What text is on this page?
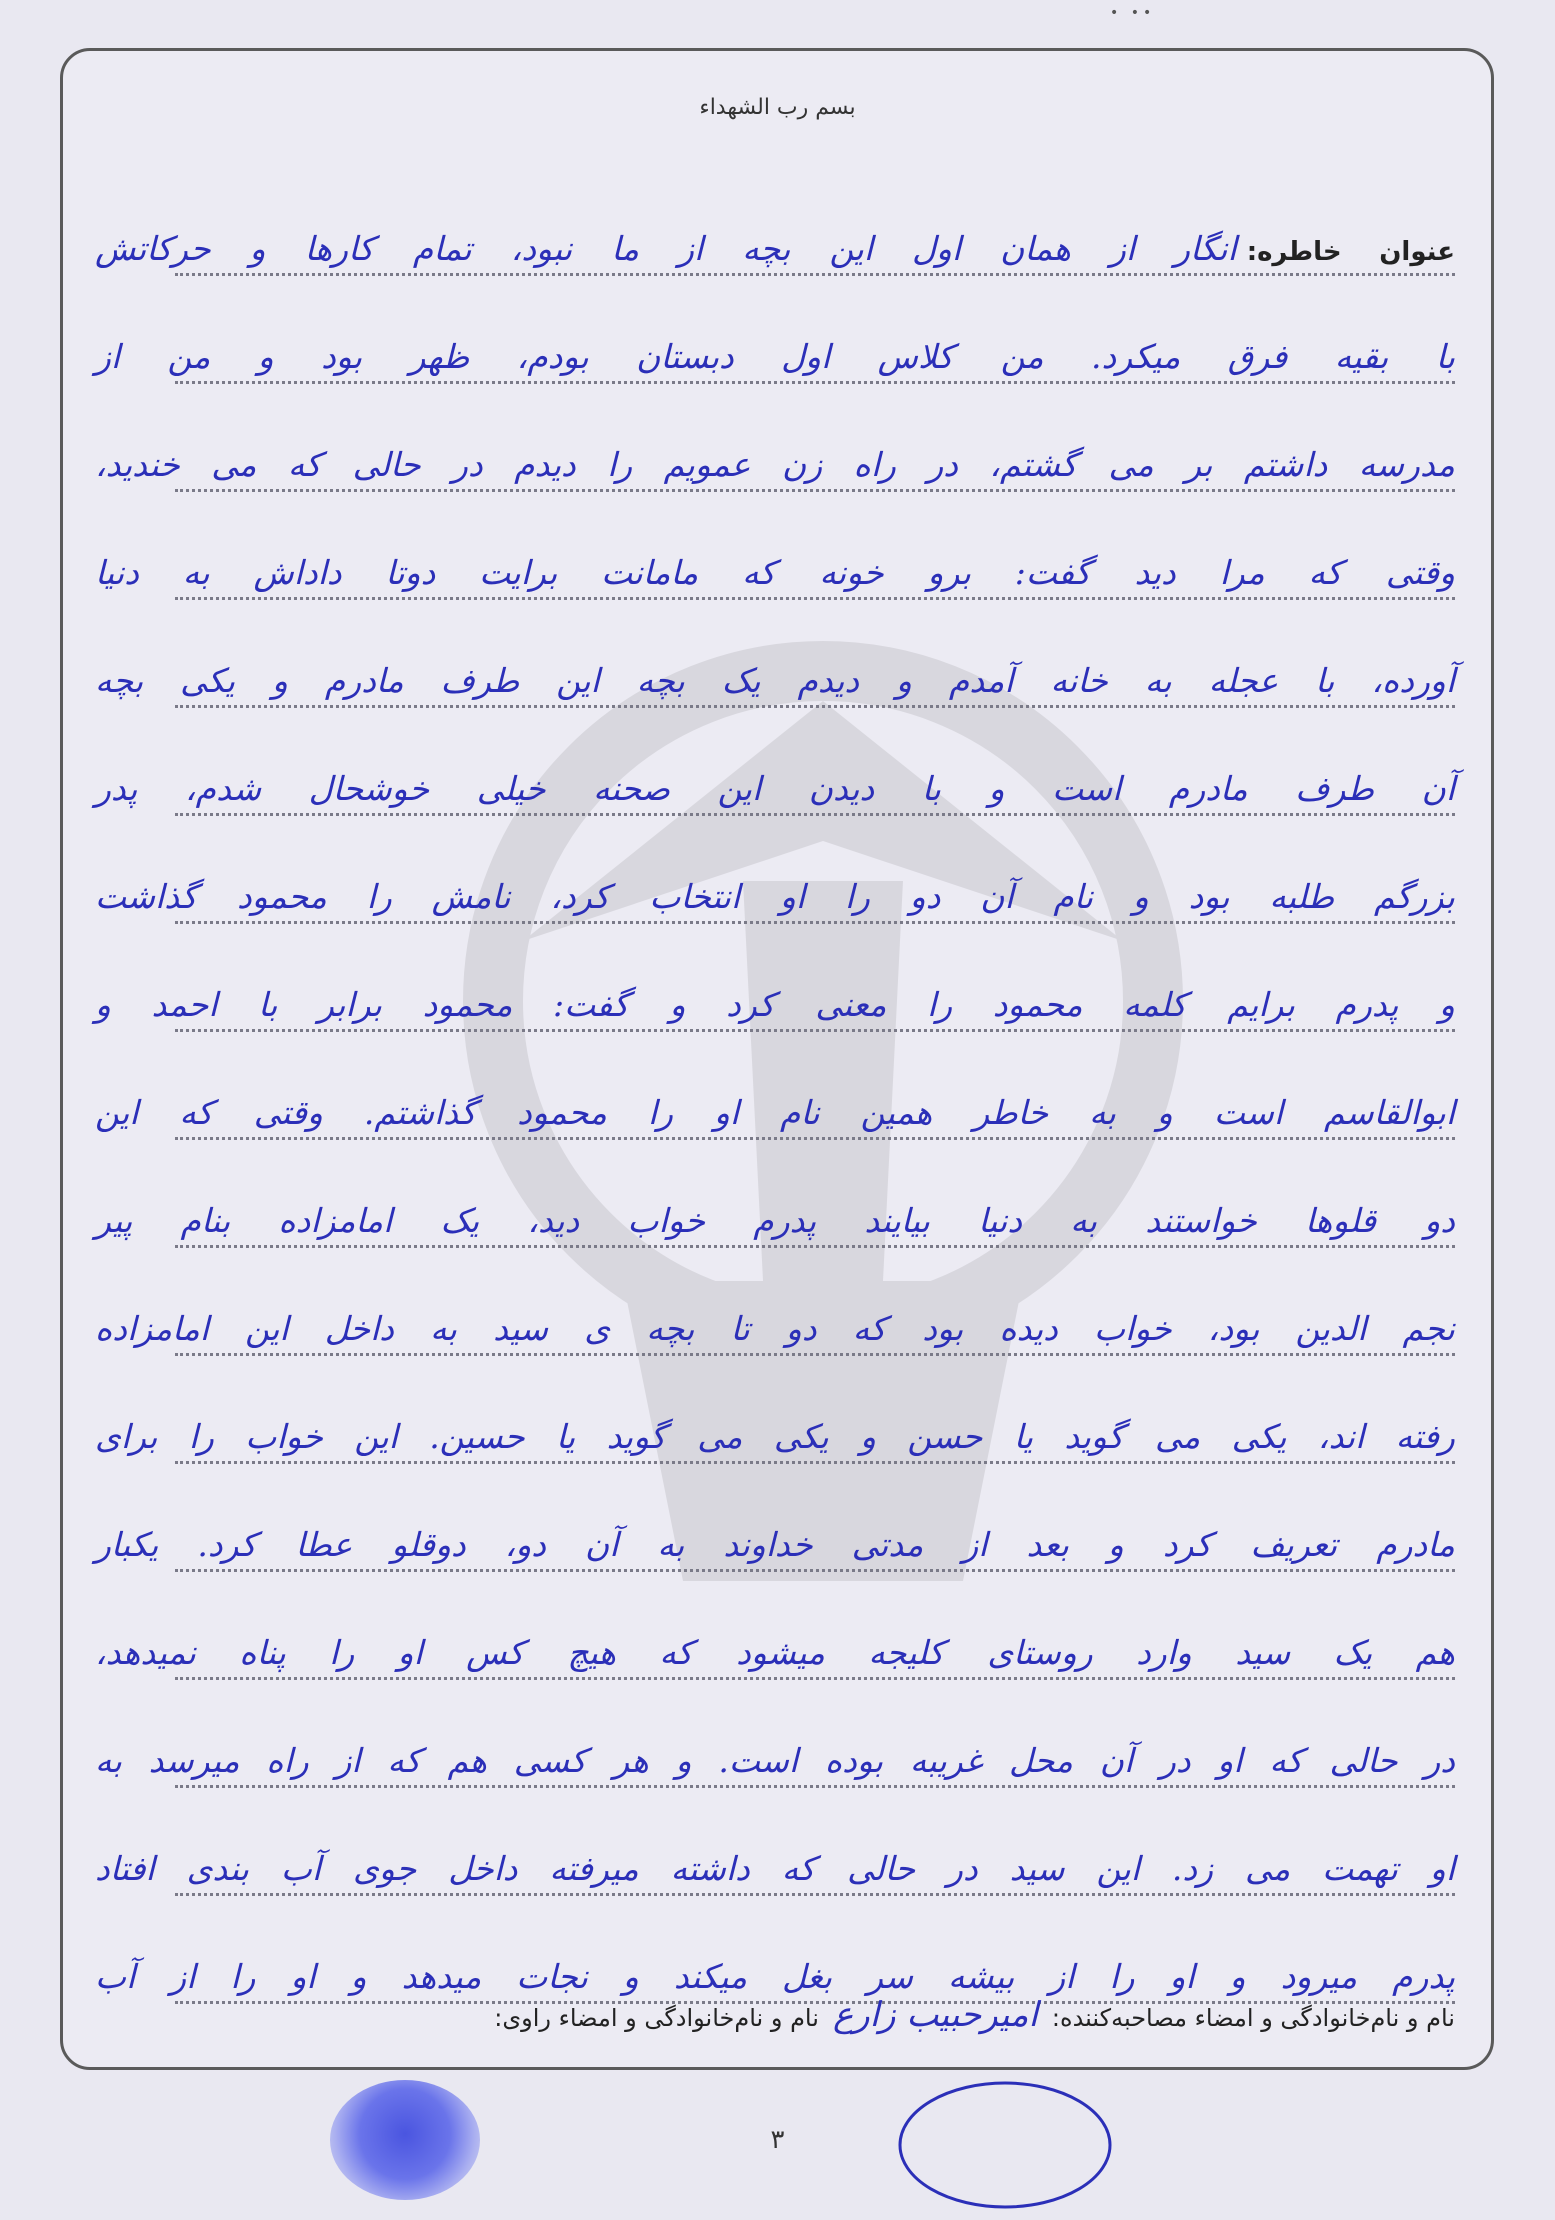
• ••
بسم رب الشهداء
عنوان خاطره:انگار از همان اول این بچه از ما نبود، تمام کارها و حرکاتش
با بقیه فرق میکرد. من کلاس اول دبستان بودم، ظهر بود و من از
مدرسه داشتم بر می گشتم، در راه زن عمویم را دیدم در حالی که می خندید،
وقتی که مرا دید گفت: برو خونه که مامانت برایت دوتا داداش به دنیا
آورده، با عجله به خانه آمدم و دیدم یک بچه این طرف مادرم و یکی بچه
آن طرف مادرم است و با دیدن این صحنه خیلی خوشحال شدم، پدر
بزرگم طلبه بود و نام آن دو را او انتخاب کرد، نامش را محمود گذاشت
و پدرم برایم کلمه محمود را معنی کرد و گفت: محمود برابر با احمد و
ابوالقاسم است و به خاطر همین نام او را محمود گذاشتم. وقتی که این
دو قلوها خواستند به دنیا بیایند پدرم خواب دید، یک امامزاده بنام پیر
نجم الدین بود، خواب دیده بود که دو تا بچه ی سید به داخل این امامزاده
رفته اند، یکی می گوید یا حسن و یکی می گوید یا حسین. این خواب را برای
مادرم تعریف کرد و بعد از مدتی خداوند به آن دو، دوقلو عطا کرد. یکبار
هم یک سید وارد روستای کلیجه میشود که هیچ کس او را پناه نمیدهد،
در حالی که او در آن محل غریبه بوده است. و هر کسی هم که از راه میرسد به
او تهمت می زد. این سید در حالی که داشته میرفته داخل جوی آب بندی افتاد
پدرم میرود و او را از بیشه سر بغل میکند و نجات میدهد و او را از آب
نام و نام‌خانوادگی و امضاء مصاحبه‌کننده:
امیرحبیب زارع
نام و نام‌خانوادگی و امضاء راوی:
۳
